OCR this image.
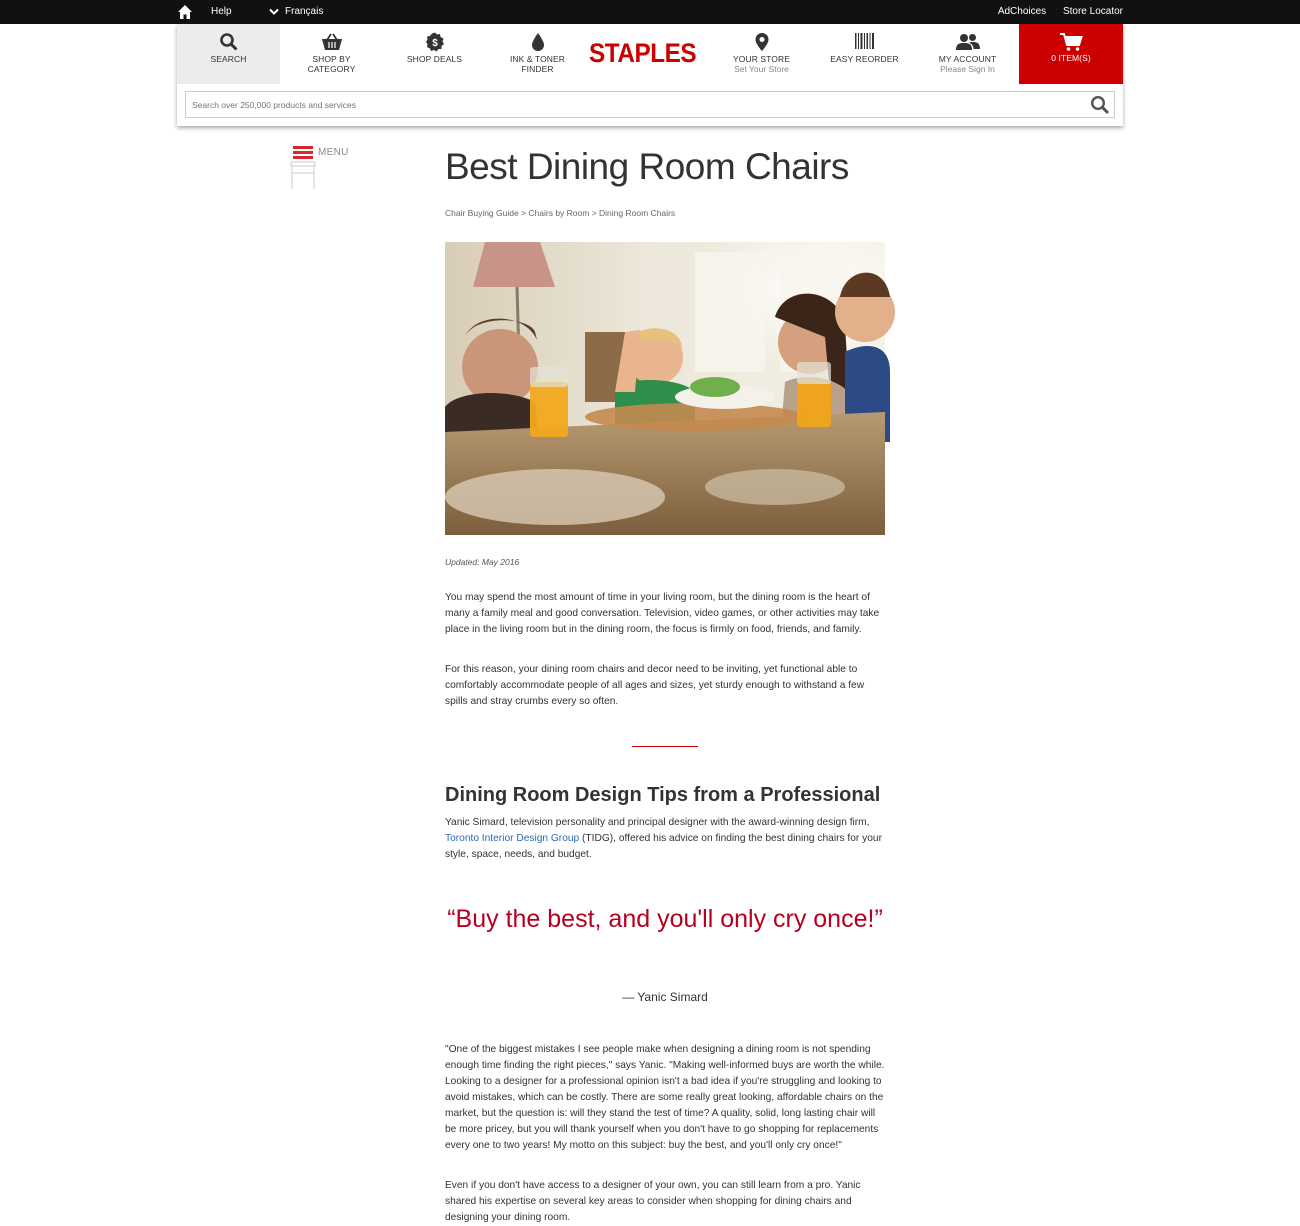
Help	Français	AdChoices Store Locator
SEARCH	SHOP BY
CATEGORY
$
SHOP DEALS	INK & TONER
FINDER
STAPLES	YOUR STORE
Set Your Store
EASY REORDER	MY ACCOUNT
Please Sign In
0 ITEM(S)
Search over 250,000 products and services
MENU	Best Dining Room Chairs
Chair Buying Guide > Chairs by Room > Dining Room Chairs
Updated: May 2016

You may spend the most amount of time in your living room, but the dining room is the heart of many a family meal and good conversation. Television, video games, or other activities may take place in the living room but in the dining room, the focus is firmly on food, friends, and family.

For this reason, your dining room chairs and decor need to be inviting, yet functional able to comfortably accommodate people of all ages and sizes, yet sturdy enough to withstand a few spills and stray crumbs every so often.

Dining Room Design Tips from a Professional

Yanic Simard, television personality and principal designer with the award-winning design firm, Toronto Interior Design Group (TIDG), offered his advice on finding the best dining chairs for your style, space, needs, and budget.

“Buy the best, and you'll only cry once!”
— Yanic Simard

"One of the biggest mistakes I see people make when designing a dining room is not spending enough time finding the right pieces," says Yanic. "Making well-informed buys are worth the while. Looking to a designer for a professional opinion isn't a bad idea if you're struggling and looking to avoid mistakes, which can be costly. There are some really great looking, affordable chairs on the market, but the question is: will they stand the test of time? A quality, solid, long lasting chair will be more pricey, but you will thank yourself when you don't have to go shopping for replacements every one to two years! My motto on this subject: buy the best, and you'll only cry once!"

Even if you don't have access to a designer of your own, you can still learn from a pro. Yanic shared his expertise on several key areas to consider when shopping for dining chairs and designing your dining room.
